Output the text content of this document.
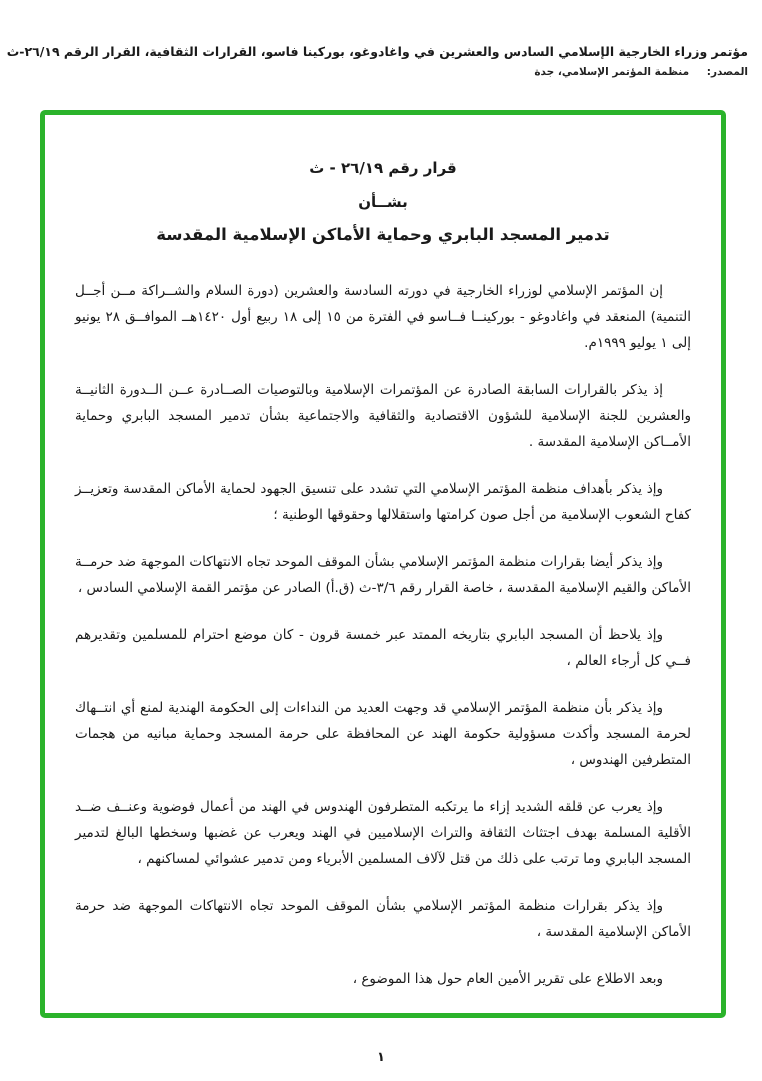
مؤتمر وزراء الخارجية الإسلامي السادس والعشرين في واغادوغو، بوركينا فاسو، القرارات الثقافية، القرار الرقم ٢٦/١٩-ث
المصدر: منظمة المؤتمر الإسلامي، جدة
قرار رقم ٢٦/١٩ - ث
بشــأن
تدمير المسجد البابري وحماية الأماكن الإسلامية المقدسة

إن المؤتمر الإسلامي لوزراء الخارجية في دورته السادسة والعشرين (دورة السلام والشــراكة مــن أجــل التنمية) المنعقد في واغادوغو - بوركينــا فــاسو في الفترة من ١٥ إلى ١٨ ربيع أول ١٤٢٠هــ الموافــق ٢٨ يونيو إلى ١ يوليو ١٩٩٩م.

إذ يذكر بالقرارات السابقة الصادرة عن المؤتمرات الإسلامية وبالتوصيات الصــادرة عــن الــدورة الثانيــة والعشرين للجنة الإسلامية للشؤون الاقتصادية والثقافية والاجتماعية بشأن تدمير المسجد البابري وحماية الأمــاكن الإسلامية المقدسة .

وإذ يذكر بأهداف منظمة المؤتمر الإسلامي التي تشدد على تنسيق الجهود لحماية الأماكن المقدسة وتعزيــز كفاح الشعوب الإسلامية من أجل صون كرامتها واستقلالها وحقوقها الوطنية ؛

وإذ يذكر أيضا بقرارات منظمة المؤتمر الإسلامي بشأن الموقف الموحد تجاه الانتهاكات الموجهة ضد حرمــة الأماكن والقيم الإسلامية المقدسة ، خاصة القرار رقم ٣/٦-ث (ق.أ) الصادر عن مؤتمر القمة الإسلامي السادس ،

وإذ يلاحظ أن المسجد البابري بتاريخه الممتد عبر خمسة قرون - كان موضع احترام للمسلمين وتقديرهم فــي كل أرجاء العالم ،

وإذ يذكر بأن منظمة المؤتمر الإسلامي قد وجهت العديد من النداءات إلى الحكومة الهندية لمنع أي انتــهاك لحرمة المسجد وأكدت مسؤولية حكومة الهند عن المحافظة على حرمة المسجد وحماية مبانيه من هجمات المتطرفين الهندوس ،

وإذ يعرب عن قلقه الشديد إزاء ما يرتكبه المتطرفون الهندوس في الهند من أعمال فوضوية وعنــف ضــد الأقلية المسلمة بهدف اجتثاث الثقافة والتراث الإسلاميين في الهند ويعرب عن غضبها وسخطها البالغ لتدمير المسجد البابري وما ترتب على ذلك من قتل لآلاف المسلمين الأبرياء ومن تدمير عشوائي لمساكنهم ،

وإذ يذكر بقرارات منظمة المؤتمر الإسلامي بشأن الموقف الموحد تجاه الانتهاكات الموجهة ضد حرمة الأماكن الإسلامية المقدسة ،

وبعد الاطلاع على تقرير الأمين العام حول هذا الموضوع ،

١
